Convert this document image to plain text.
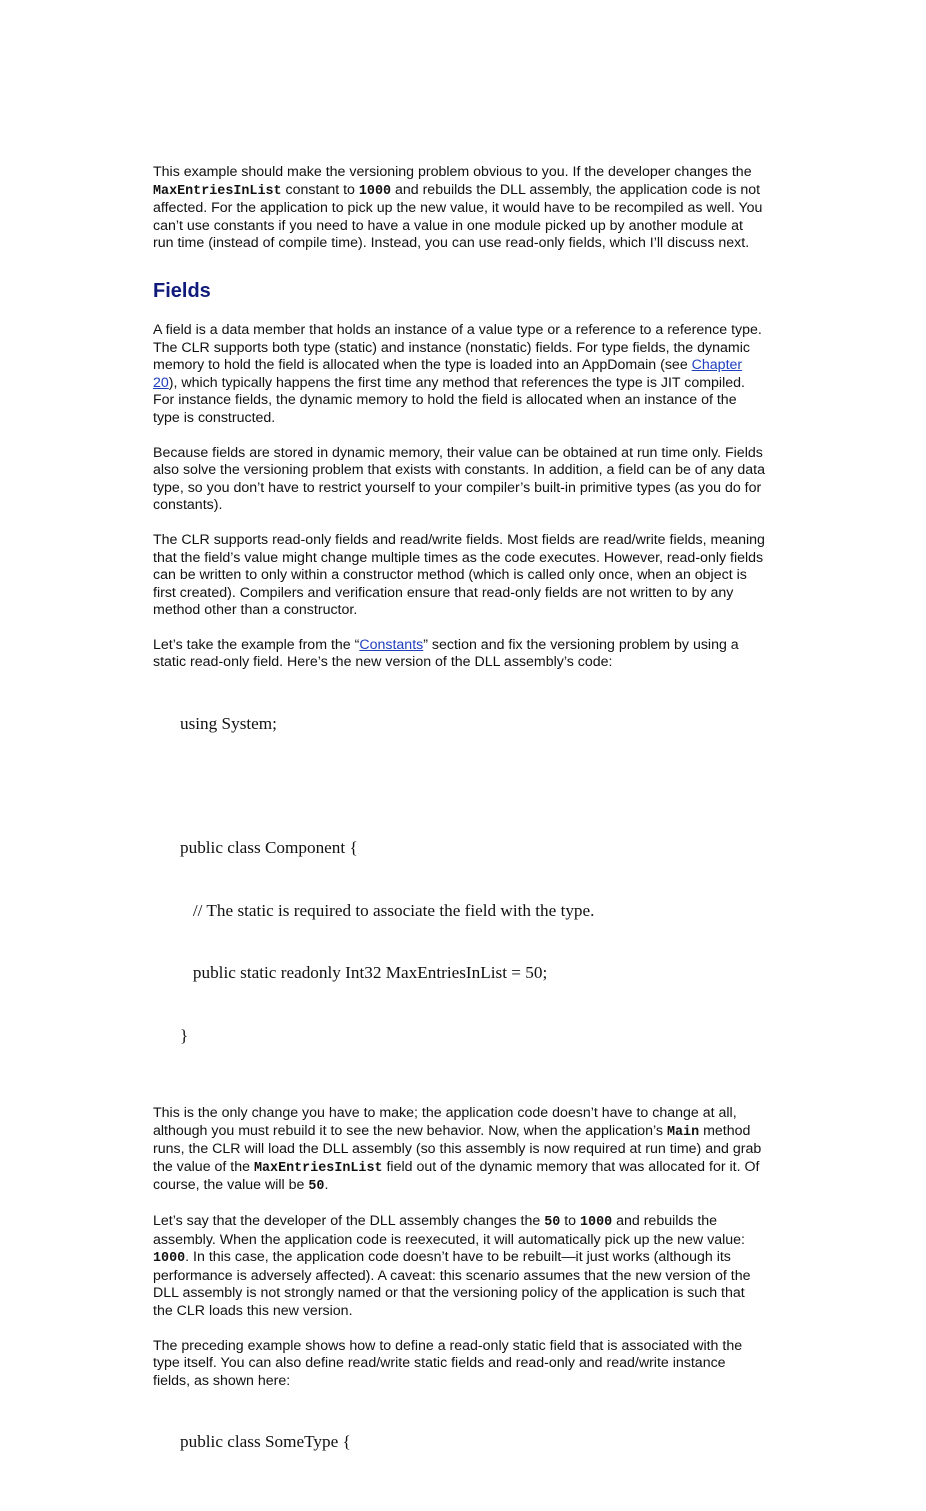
This example should make the versioning problem obvious to you. If the developer changes the MaxEntriesInList constant to 1000 and rebuilds the DLL assembly, the application code is not affected. For the application to pick up the new value, it would have to be recompiled as well. You can’t use constants if you need to have a value in one module picked up by another module at run time (instead of compile time). Instead, you can use read-only fields, which I’ll discuss next.

Fields

A field is a data member that holds an instance of a value type or a reference to a reference type. The CLR supports both type (static) and instance (nonstatic) fields. For type fields, the dynamic memory to hold the field is allocated when the type is loaded into an AppDomain (see Chapter 20), which typically happens the first time any method that references the type is JIT compiled. For instance fields, the dynamic memory to hold the field is allocated when an instance of the type is constructed.

Because fields are stored in dynamic memory, their value can be obtained at run time only. Fields also solve the versioning problem that exists with constants. In addition, a field can be of any data type, so you don’t have to restrict yourself to your compiler’s built-in primitive types (as you do for constants).

The CLR supports read-only fields and read/write fields. Most fields are read/write fields, meaning that the field’s value might change multiple times as the code executes. However, read-only fields can be written to only within a constructor method (which is called only once, when an object is first created). Compilers and verification ensure that read-only fields are not written to by any method other than a constructor.

Let’s take the example from the “Constants” section and fix the versioning problem by using a static read-only field. Here’s the new version of the DLL assembly’s code:

using System;

public class Component {

// The static is required to associate the field with the type.

public static readonly Int32 MaxEntriesInList = 50;

}

This is the only change you have to make; the application code doesn’t have to change at all, although you must rebuild it to see the new behavior. Now, when the application’s Main method runs, the CLR will load the DLL assembly (so this assembly is now required at run time) and grab the value of the MaxEntriesInList field out of the dynamic memory that was allocated for it. Of course, the value will be 50.

Let’s say that the developer of the DLL assembly changes the 50 to 1000 and rebuilds the assembly. When the application code is reexecuted, it will automatically pick up the new value: 1000. In this case, the application code doesn’t have to be rebuilt—it just works (although its performance is adversely affected). A caveat: this scenario assumes that the new version of the DLL assembly is not strongly named or that the versioning policy of the application is such that the CLR loads this new version.

The preceding example shows how to define a read-only static field that is associated with the type itself. You can also define read/write static fields and read-only and read/write instance fields, as shown here:

public class SomeType {
